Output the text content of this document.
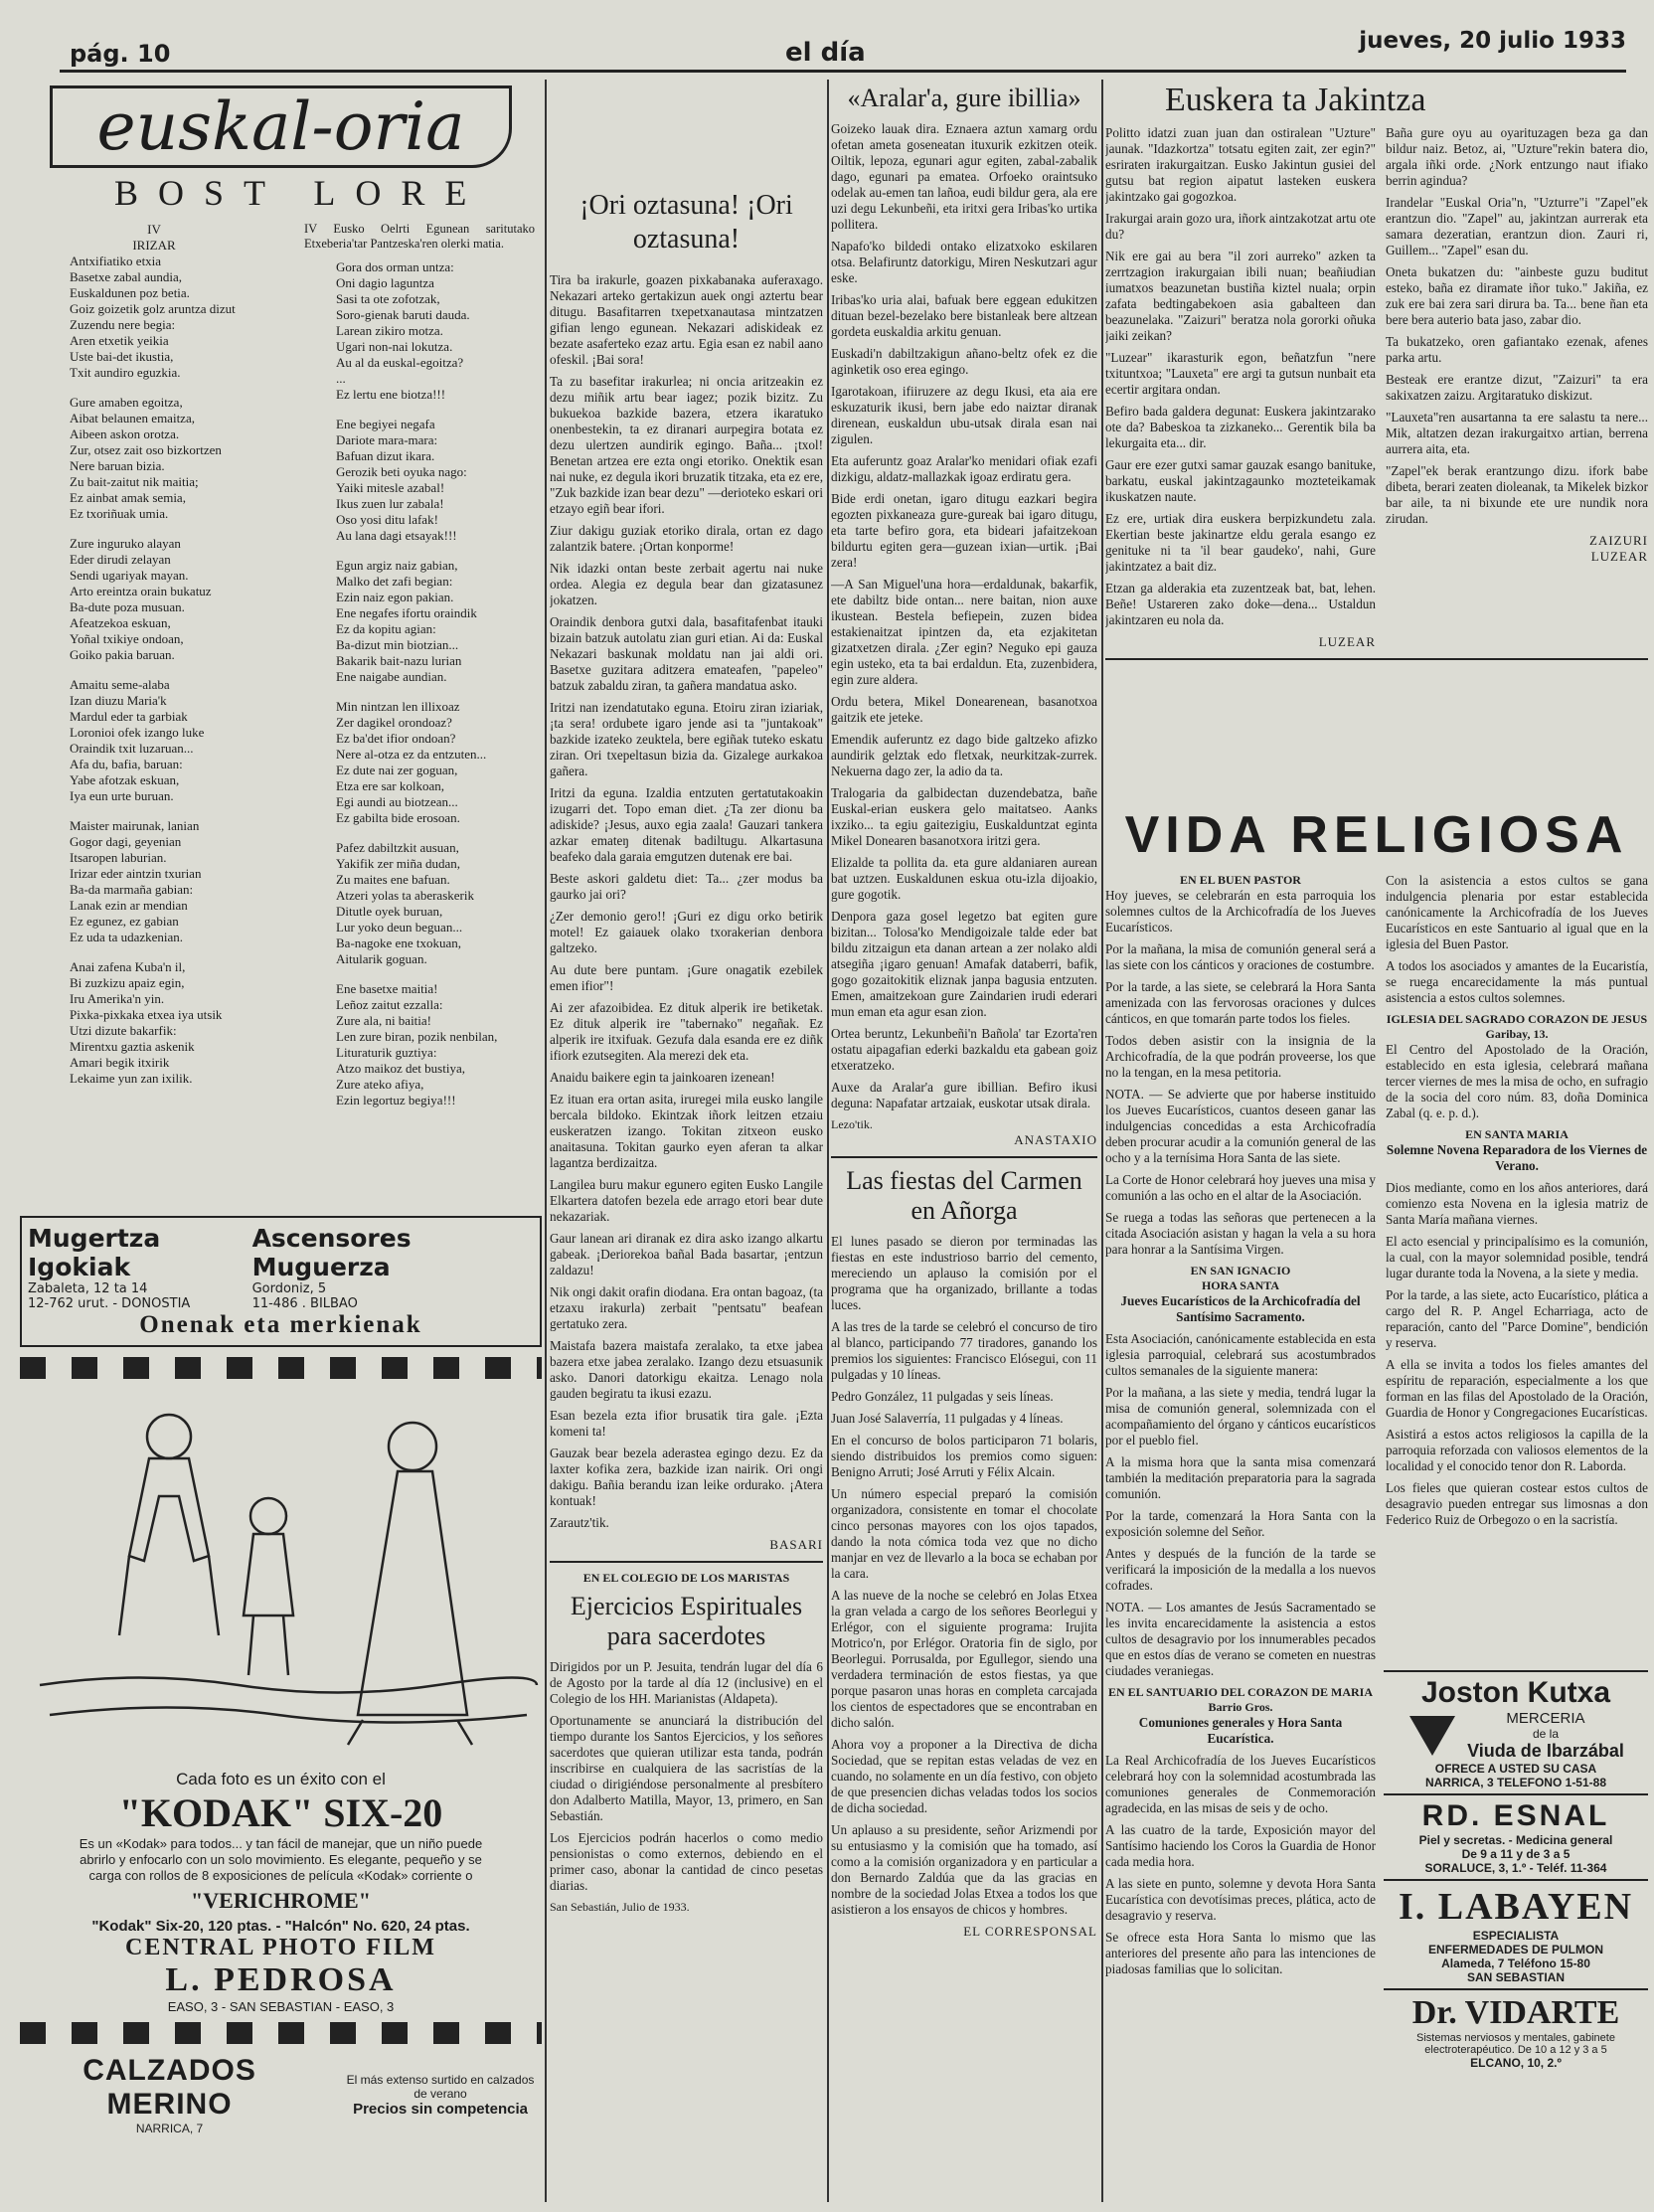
pág. 10	el día	jueves, 20 julio 1933
euskal-oria
BOST LORE
IV
IRIZAR
Antxifiatiko etxia
Basetxe zabal aundia,
Euskaldunen poz betia.
Goiz goizetik golz aruntza dizut
Zuzendu nere begia:
Aren etxetik yeikia
Uste bai-det ikustia,
Txit aundiro eguzkia.
Gure amaben egoitza,
Aibat belaunen emaitza,
Aibeen askon orotza.
Zur, otsez zait oso bizkortzen
Nere baruan bizia.
Zu bait-zaitut nik maitia;
Ez ainbat amak semia,
Ez txoriñuak umia.
Zure inguruko alayan
Eder dirudi zelayan
Sendi ugariyak mayan.
Arto ereintza orain bukatuz
Ba-dute poza musuan.
Afeatzekoa eskuan,
Yoñal txikiye ondoan,
Goiko pakia baruan.
Amaitu seme-alaba
Izan diuzu Maria'k
Mardul eder ta garbiak
Loronioi ofek izango luke
Oraindik txit luzaruan...
Afa du, bafia, baruan:
Yabe afotzak eskuan,
Iya eun urte buruan.
Maister mairunak, lanian
Gogor dagi, geyenian
Itsaropen laburian.
Irizar eder aintzin txurian
Ba-da marmaña gabian:
Lanak ezin ar mendian
Ez egunez, ez gabian
Ez uda ta udazkenian.
Anai zafena Kuba'n il,
Bi zuzkizu apaiz egin,
Iru Amerika'n yin.
Pixka-pixkaka etxea iya utsik
Utzi dizute bakarfik:
Mirentxu gaztia askenik
Amari begik itxirik
Lekaime yun zan ixilik.

IV Eusko Oelrti Egunean saritutako Etxeberia'tar Pantzeska'ren olerki matia.

Gora dos orman untza:
Oni dagio laguntza
Sasi ta ote zofotzak,
Soro-gienak baruti dauda.
Larean zikiro motza.
Ugari non-nai lokutza.
Au al da euskal-egoitza?
...
Ez lertu ene biotza!!!
Ene begiyei negafa
Dariote mara-mara:
Bafuan dizut ikara.
Gerozik beti oyuka nago:
Yaiki mitesle azabal!
Ikus zuen lur zabala!
Oso yosi ditu lafak!
Au lana dagi etsayak!!!
Egun argiz naiz gabian,
Malko det zafi begian:
Ezin naiz egon pakian.
Ene negafes ifortu oraindik
Ez da kopitu agian:
Ba-dizut min biotzian...
Bakarik bait-nazu lurian
Ene naigabe aundian.
Min nintzan len illixoaz
Zer dagikel orondoaz?
Ez ba'det ifior ondoan?
Nere al-otza ez da entzuten...
Ez dute nai zer goguan,
Etza ere sar kolkoan,
Egi aundi au biotzean...
Ez gabilta bide erosoan.
Pafez dabiltzkit ausuan,
Yakifik zer miña dudan,
Zu maites ene bafuan.
Atzeri yolas ta aberaskerik
Ditutle oyek buruan,
Lur yoko deun beguan...
Ba-nagoke ene txokuan,
Aitularik goguan.
Ene basetxe maitia!
Leñoz zaitut ezzalla:
Zure ala, ni baitia!
Len zure biran, pozik nenbilan,
Lituraturik guztiya:
Atzo maikoz det bustiya,
Zure ateko afiya,
Ezin legortuz begiya!!!
Mugertza Igokiak
Zabaleta, 12 ta 14
12-762 urut. - DONOSTIA
Ascensores Muguerza
Gordoniz, 5
11-486 . BILBAO
Onenak eta merkienak
Cada foto es un éxito con el
"KODAK" SIX-20
Es un «Kodak» para todos... y tan fácil de manejar, que un niño puede abrirlo y enfocarlo con un solo movimiento. Es elegante, pequeño y se carga con rollos de 8 exposiciones de película «Kodak» corriente o
"VERICHROME"
"Kodak" Six-20, 120 ptas. - "Halcón" No. 620, 24 ptas.
CENTRAL PHOTO FILM
L. PEDROSA
EASO, 3 - SAN SEBASTIAN - EASO, 3
CALZADOS MERINO
NARRICA, 7
El más extenso surtido en calzados de verano
Precios sin competencia
¡Ori oztasuna! ¡Ori oztasuna!

Tira ba irakurle, goazen pixkabanaka auferaxago. Nekazari arteko gertakizun auek ongi aztertu bear ditugu. Basafitarren txepetxanautasa mintzatzen gifian lengo egunean. Nekazari adiskideak ez bezate asaferteko ezaz artu. Egia esan ez nabil aano ofeskil. ¡Bai sora!

Ta zu basefitar irakurlea; ni oncia aritzeakin ez dezu miñik artu bear iagez; pozik bizitz. Zu bukuekoa bazkide bazera, etzera ikaratuko onenbestekin, ta ez diranari aurpegira botata ez dezu ulertzen aundirik egingo. Baña... ¡txol! Benetan artzea ere ezta ongi etoriko. Onektik esan nai nuke, ez degula ikori bruzatik titzaka, eta ez ere, "Zuk bazkide izan bear dezu" —derioteko eskari ori etzayo egiñ bear ifori.

Ziur dakigu guziak etoriko dirala, ortan ez dago zalantzik batere. ¡Ortan konporme!

Nik idazki ontan beste zerbait agertu nai nuke ordea. Alegia ez degula bear dan gizatasunez jokatzen.

Oraindik denbora gutxi dala, basafitafenbat itauki bizain batzuk autolatu zian guri etian. Ai da: Euskal Nekazari baskunak moldatu nan jai aldi ori. Basetxe guzitara aditzera emateafen, "papeleo" batzuk zabaldu ziran, ta gañera mandatua asko.

Iritzi nan izendatutako eguna. Etoiru ziran iziariak, ¡ta sera! ordubete igaro jende asi ta "juntakoak" bazkide izateko zeuktela, bere egiñak tuteko eskatu ziran. Ori txepeltasun bizia da. Gizalege aurkakoa gañera.

Iritzi da eguna. Izaldia entzuten gertatutakoakin izugarri det. Topo eman diet. ¿Ta zer dionu ba adiskide? ¡Jesus, auxo egia zaala! Gauzari tankera azkar emateŋ ditenak badiltugu. Alkartasuna beafeko dala garaia emgutzen dutenak ere bai.

Beste askori galdetu diet: Ta... ¿zer modus ba gaurko jai ori?

¿Zer demonio gero!! ¡Guri ez digu orko betirik motel! Ez gaiauek olako txorakerian denbora galtzeko.

Au dute bere puntam. ¡Gure onagatik ezebilek emen ifior"!

Ai zer afazoibidea. Ez dituk alperik ire betiketak. Ez dituk alperik ire "tabernako" negañak. Ez alperik ire itxifuak. Gezufa dala esanda ere ez diñk ifiork ezutsegiten. Ala merezi dek eta.

Anaidu baikere egin ta jainkoaren izenean!

Ez ituan era ortan asita, iruregei mila eusko langile bercala bildoko. Ekintzak iñork leitzen etzaiu euskeratzen izango. Tokitan zitxeon eusko anaitasuna. Tokitan gaurko eyen aferan ta alkar lagantza berdizaitza.

Langilea buru makur egunero egiten Eusko Langile Elkartera datofen bezela ede arrago etori bear dute nekazariak.

Gaur lanean ari diranak ez dira asko izango alkartu gabeak. ¡Deriorekoa bañal Bada basartar, ¡entzun zaldazu!

Nik ongi dakit orafin diodana. Era ontan bagoaz, (ta etzaxu irakurla) zerbait "pentsatu" beafean gertatuko zera.

Maistafa bazera maistafa zeralako, ta etxe jabea bazera etxe jabea zeralako. Izango dezu etsuasunik asko. Danori datorkigu ekaitza. Lenago nola gauden begiratu ta ikusi ezazu.

Esan bezela ezta ifior brusatik tira gale. ¡Ezta komeni ta!

Gauzak bear bezela aderastea egingo dezu. Ez da laxter kofika zera, bazkide izan nairik. Ori ongi dakigu. Bañia berandu izan leike ordurako. ¡Atera kontuak!

Zarautz'tik.

BASARI
EN EL COLEGIO DE LOS MARISTAS
Ejercicios Espirituales para sacerdotes

Dirigidos por un P. Jesuita, tendrán lugar del día 6 de Agosto por la tarde al día 12 (inclusive) en el Colegio de los HH. Marianistas (Aldapeta).

Oportunamente se anunciará la distribución del tiempo durante los Santos Ejercicios, y los señores sacerdotes que quieran utilizar esta tanda, podrán inscribirse en cualquiera de las sacristías de la ciudad o dirigiéndose personalmente al presbítero don Adalberto Matilla, Mayor, 13, primero, en San Sebastián.

Los Ejercicios podrán hacerlos o como medio pensionistas o como externos, debiendo en el primer caso, abonar la cantidad de cinco pesetas diarias.

San Sebastián, Julio de 1933.
«Aralar'a, gure ibillia»

Goizeko lauak dira. Eznaera aztun xamarg ordu ofetan ameta goseneatan ituxurik ezkitzen oteik. Oiltik, lepoza, egunari agur egiten, zabal-zabalik dago, egunari pa ematea. Orfoeko oraintsuko odelak au-emen tan lañoa, eudi bildur gera, ala ere uzi degu Lekunbeñi, eta iritxi gera Iribas'ko urtika pollitera.

Napafo'ko bildedi ontako elizatxoko eskilaren otsa. Belafiruntz datorkigu, Miren Neskutzari agur eske.

Iribas'ko uria alai, bafuak bere eggean edukitzen dituan bezel-bezelako bere bistanleak bere altzean gordeta euskaldia arkitu genuan.

Euskadi'n dabiltzakigun añano-beltz ofek ez die aginketik oso erea egingo.

Igarotakoan, ifiiruzere az degu Ikusi, eta aia ere eskuzaturik ikusi, bern jabe edo naiztar diranak direnean, euskaldun ubu-utsak dirala esan nai zigulen.

Eta auferuntz goaz Aralar'ko menidari ofiak ezafi dizkigu, aldatz-mallazkak igoaz erdiratu gera.

Bide erdi onetan, igaro ditugu eazkari begira egozten pixkaneaza gure-gureak bai igaro ditugu, eta tarte befiro gora, eta bideari jafaitzekoan bildurtu egiten gera—guzean ixian—urtik. ¡Bai zera!

—A San Miguel'una hora—erdaldunak, bakarfik, ete dabiltz bide ontan... nere baitan, nion auxe ikustean. Bestela befiepein, zuzen bidea estakienaitzat ipintzen da, eta ezjakitetan gizatxetzen dirala. ¿Zer egin? Neguko epi gauza egin usteko, eta ta bai erdaldun. Eta, zuzenbidera, egin zure aldera.

Ordu betera, Mikel Donearenean, basanotxoa gaitzik ete jeteke.

Emendik auferuntz ez dago bide galtzeko afizko aundirik gelztak edo fletxak, neurkitzak-zurrek. Nekuerna dago zer, la adio da ta.

Tralogaria da galbidectan duzendebatza, bañe Euskal-erian euskera gelo maitatseo. Aanks ixziko... ta egiu gaitezigiu, Euskalduntzat eginta Mikel Donearen basanotxora iritzi gera.

Elizalde ta pollita da. eta gure aldaniaren aurean bat uztzen. Euskaldunen eskua otu-izla dijoakio, gure gogotik.

Denpora gaza gosel legetzo bat egiten gure bizitan... Tolosa'ko Mendigoizale talde eder bat bildu zitzaigun eta danan artean a zer nolako aldi atsegiña ¡igaro genuan! Amafak databerri, bafik, gogo gozaitokitik eliznak janpa bagusia entzuten. Emen, amaitzekoan gure Zaindarien irudi ederari mun eman eta agur esan zion.

Ortea beruntz, Lekunbeñi'n Bañola' tar Ezorta'ren ostatu aipagafian ederki bazkaldu eta gabean goiz etxeratzeko.

Auxe da Aralar'a gure ibillian. Befiro ikusi degunа: Napafatar artzaiak, euskotar utsak dirala.

Lezo'tik.
ANASTAXIO
Las fiestas del Carmen en Añorga

El lunes pasado se dieron por terminadas las fiestas en este industrioso barrio del cemento, mereciendo un aplauso la comisión por el programa que ha organizado, brillante a todas luces.

A las tres de la tarde se celebró el concurso de tiro al blanco, participando 77 tiradores, ganando los premios los siguientes: Francisco Elósegui, con 11 pulgadas y 10 líneas.

Pedro González, 11 pulgadas y seis líneas.

Juan José Salaverría, 11 pulgadas y 4 líneas.

En el concurso de bolos participaron 71 bolaris, siendo distribuidos los premios como siguen: Benigno Arruti; José Arruti y Félix Alcain.

Un número especial preparó la comisión organizadora, consistente en tomar el chocolate cinco personas mayores con los ojos tapados, dando la nota cómica toda vez que no dicho manjar en vez de llevarlo a la boca se echaban por la cara.

A las nueve de la noche se celebró en Jolas Etxea la gran velada a cargo de los señores Beorlegui y Erlégor, con el siguiente programa: Irujita Motrico'n, por Erlégor. Oratoria fin de siglo, por Beorlegui. Porrusalda, por Egullegor, siendo una verdadera terminación de estos fiestas, ya que porque pasaron unas horas en completa carcajada los cientos de espectadores que se encontraban en dicho salón.

Ahora voy a proponer a la Directiva de dicha Sociedad, que se repitan estas veladas de vez en cuando, no solamente en un día festivo, con objeto de que presencien dichas veladas todos los socios de dicha sociedad.

Un aplauso a su presidente, señor Arizmendi por su entusiasmo y la comisión que ha tomado, así como a la comisión organizadora y en particular a don Bernardo Zaldúa que da las gracias en nombre de la sociedad Jolas Etxea a todos los que asistieron a los ensayos de chicos y hombres.

EL CORRESPONSAL
Euskera ta Jakintza

Politto idatzi zuan juan dan ostiralean "Uzture" jaunak. "Idazkortza" totsatu egiten zait, zer egin?" esriraten irakurgaitzan. Eusko Jakintun gusiei del gutsu bat region aipatut lasteken euskera jakintzako gai gogozkoa.

Irakurgai arain gozo ura, iñork aintzakotzat artu ote du?

Nik ere gai au bera "il zori aurreko" azken ta zerrtzagion irakurgaian ibili nuan; beañiudian iumatxos beazunetan bustiña kiztel nuala; orpin zafata bedtingabekoen asia gabalteen dan beazunelaka. "Zaizuri" beratza nola gororki oñuka jaiki zeikan?

"Luzear" ikarasturik egon, beñatzfun "nere txituntxoa; "Lauxeta" ere argi ta gutsun nunbait eta ecertir argitara ondan.

Befiro bada galdera degunat: Euskera jakintzarako ote da? Babeskoa ta zizkaneko... Gerentik bila ba lekurgaita eta... dir.

Gaur ere ezer gutxi samar gauzak esango banituke, barkatu, euskal jakintzagaunko mozteteikamak ikuskatzen naute.

Ez ere, urtiak dira euskera berpizkundetu zala. Ekertian beste jakinartze eldu gerala esango ez genituke ni ta 'il bear gaudeko', nahi, Gure jakintzatez a bait diz.

Etzan ga alderakia eta zuzentzeak bat, bat, lehen. Beñe! Ustareren zako doke—dena... Ustaldun jakintzaren eu nola da.

LUZEAR

Baña gure oyu au oyarituzagen beza ga dan bildur naiz. Betoz, ai, "Uzture"rekin batera dio, argala iñki orde. ¿Nork entzungo naut ifiako berrin agindua?

Irandelar "Euskal Oria"n, "Uzturre"i "Zapel"ek erantzun dio. "Zapel" au, jakintzan aurrerak eta samara dezeratian, erantzun dion. Zauri ri, Guillem... "Zapel" esan du.

Oneta bukatzen du: "ainbeste guzu buditut esteko, baña ez diramate iñor tuko." Jakiña, ez zuk ere bai zera sari dirura ba. Ta... bene ñan eta bere bera auterio bata jaso, zabar dio.

Ta bukatzeko, oren gafiantako ezenak, afenes parka artu.

Besteak ere erantze dizut, "Zaizuri" ta era sakixatzen zaizu. Argitaratuko diskizut.

"Lauxeta"ren ausartanna ta ere salastu ta nere... Mik, altatzen dezan irakurgaitxo artian, berrena aurrera aita, eta.

"Zapel"ek berak erantzungo dizu. ifork babe dibeta, berari zeaten dioleanak, ta Mikelek bizkor bar aile, ta ni bixunde ete ure nundik nora zirudan.

ZAIZURI
LUZEAR
VIDA RELIGIOSA
EN EL BUEN PASTOR

Hoy jueves, se celebrarán en esta parroquia los solemnes cultos de la Archicofradía de los Jueves Eucarísticos.

Por la mañana, la misa de comunión general será a las siete con los cánticos y oraciones de costumbre.

Por la tarde, a las siete, se celebrará la Hora Santa amenizada con las fervorosas oraciones y dulces cánticos, en que tomarán parte todos los fieles.

Todos deben asistir con la insignia de la Archicofradía, de la que podrán proveerse, los que no la tengan, en la mesa petitoria.

NOTA. — Se advierte que por haberse instituido los Jueves Eucarísticos, cuantos deseen ganar las indulgencias concedidas a esta Archicofradía deben procurar acudir a la comunión general de las ocho y a la ternísima Hora Santa de las siete.

La Corte de Honor celebrará hoy jueves una misa y comunión a las ocho en el altar de la Asociación.

Se ruega a todas las señoras que pertenecen a la citada Asociación asistan y hagan la vela a su hora para honrar a la Santísima Virgen.

EN SAN IGNACIO
HORA SANTA

Jueves Eucarísticos de la Archicofradía del Santísimo Sacramento.

Esta Asociación, canónicamente establecida en esta iglesia parroquial, celebrará sus acostumbrados cultos semanales de la siguiente manera:

Por la mañana, a las siete y media, tendrá lugar la misa de comunión general, solemnizada con el acompañamiento del órgano y cánticos eucarísticos por el pueblo fiel.

A la misma hora que la santa misa comenzará también la meditación preparatoria para la sagrada comunión.

Por la tarde, comenzará la Hora Santa con la exposición solemne del Señor.

Antes y después de la función de la tarde se verificará la imposición de la medalla a los nuevos cofrades.

NOTA. — Los amantes de Jesús Sacramentado se les invita encarecidamente la asistencia a estos cultos de desagravio por los innumerables pecados que en estos días de verano se cometen en nuestras ciudades veraniegas.

EN EL SANTUARIO DEL CORAZON DE MARIA
Barrio Gros.

Comuniones generales y Hora Santa Eucarística.

La Real Archicofradía de los Jueves Eucarísticos celebrará hoy con la solemnidad acostumbrada las comuniones generales de Conmemoración agradecida, en las misas de seis y de ocho.

A las cuatro de la tarde, Exposición mayor del Santísimo haciendo los Coros la Guardia de Honor cada media hora.

A las siete en punto, solemne y devota Hora Santa Eucarística con devotísimas preces, plática, acto de desagravio y reserva.

Se ofrece esta Hora Santa lo mismo que las anteriores del presente año para las intenciones de piadosas familias que lo solicitan.

Con la asistencia a estos cultos se gana indulgencia plenaria por estar establecida canónicamente la Archicofradía de los Jueves Eucarísticos en este Santuario al igual que en la iglesia del Buen Pastor.

A todos los asociados y amantes de la Eucaristía, se ruega encarecidamente la más puntual asistencia a estos cultos solemnes.

IGLESIA DEL SAGRADO CORAZON DE JESUS
Garibay, 13.

El Centro del Apostolado de la Oración, establecido en esta iglesia, celebrará mañana tercer viernes de mes la misa de ocho, en sufragio de la socia del coro núm. 83, doña Dominica Zabal (q. e. p. d.).

EN SANTA MARIA

Solemne Novena Reparadora de los Viernes de Verano.

Dios mediante, como en los años anteriores, dará comienzo esta Novena en la iglesia matriz de Santa María mañana viernes.

El acto esencial y principalísimo es la comunión, la cual, con la mayor solemnidad posible, tendrá lugar durante toda la Novena, a la siete y media.

Por la tarde, a las siete, acto Eucarístico, plática a cargo del R. P. Angel Echarriaga, acto de reparación, canto del "Parce Domine", bendición y reserva.

A ella se invita a todos los fieles amantes del espíritu de reparación, especialmente a los que forman en las filas del Apostolado de la Oración, Guardia de Honor y Congregaciones Eucarísticas.

Asistirá a estos actos religiosos la capilla de la parroquia reforzada con valiosos elementos de la localidad y el conocido tenor don R. Laborda.

Los fieles que quieran costear estos cultos de desagravio pueden entregar sus limosnas a don Federico Ruiz de Orbegozo o en la sacristía.

Joston Kutxa
MERCERIA
de la
Viuda de Ibarzábal
OFRECE A USTED SU CASA
NARRICA, 3 TELEFONO 1-51-88
RD. ESNAL
Piel y secretas. - Medicina general
De 9 a 11 y de 3 a 5
SORALUCE, 3, 1.º - Teléf. 11-364
I. LABAYEN
ESPECIALISTA
ENFERMEDADES DE PULMON
Alameda, 7 Teléfono 15-80
SAN SEBASTIAN
Dr. VIDARTE
Sistemas nerviosos y mentales, gabinete electroterapéutico. De 10 a 12 y 3 a 5
ELCANO, 10, 2.º
